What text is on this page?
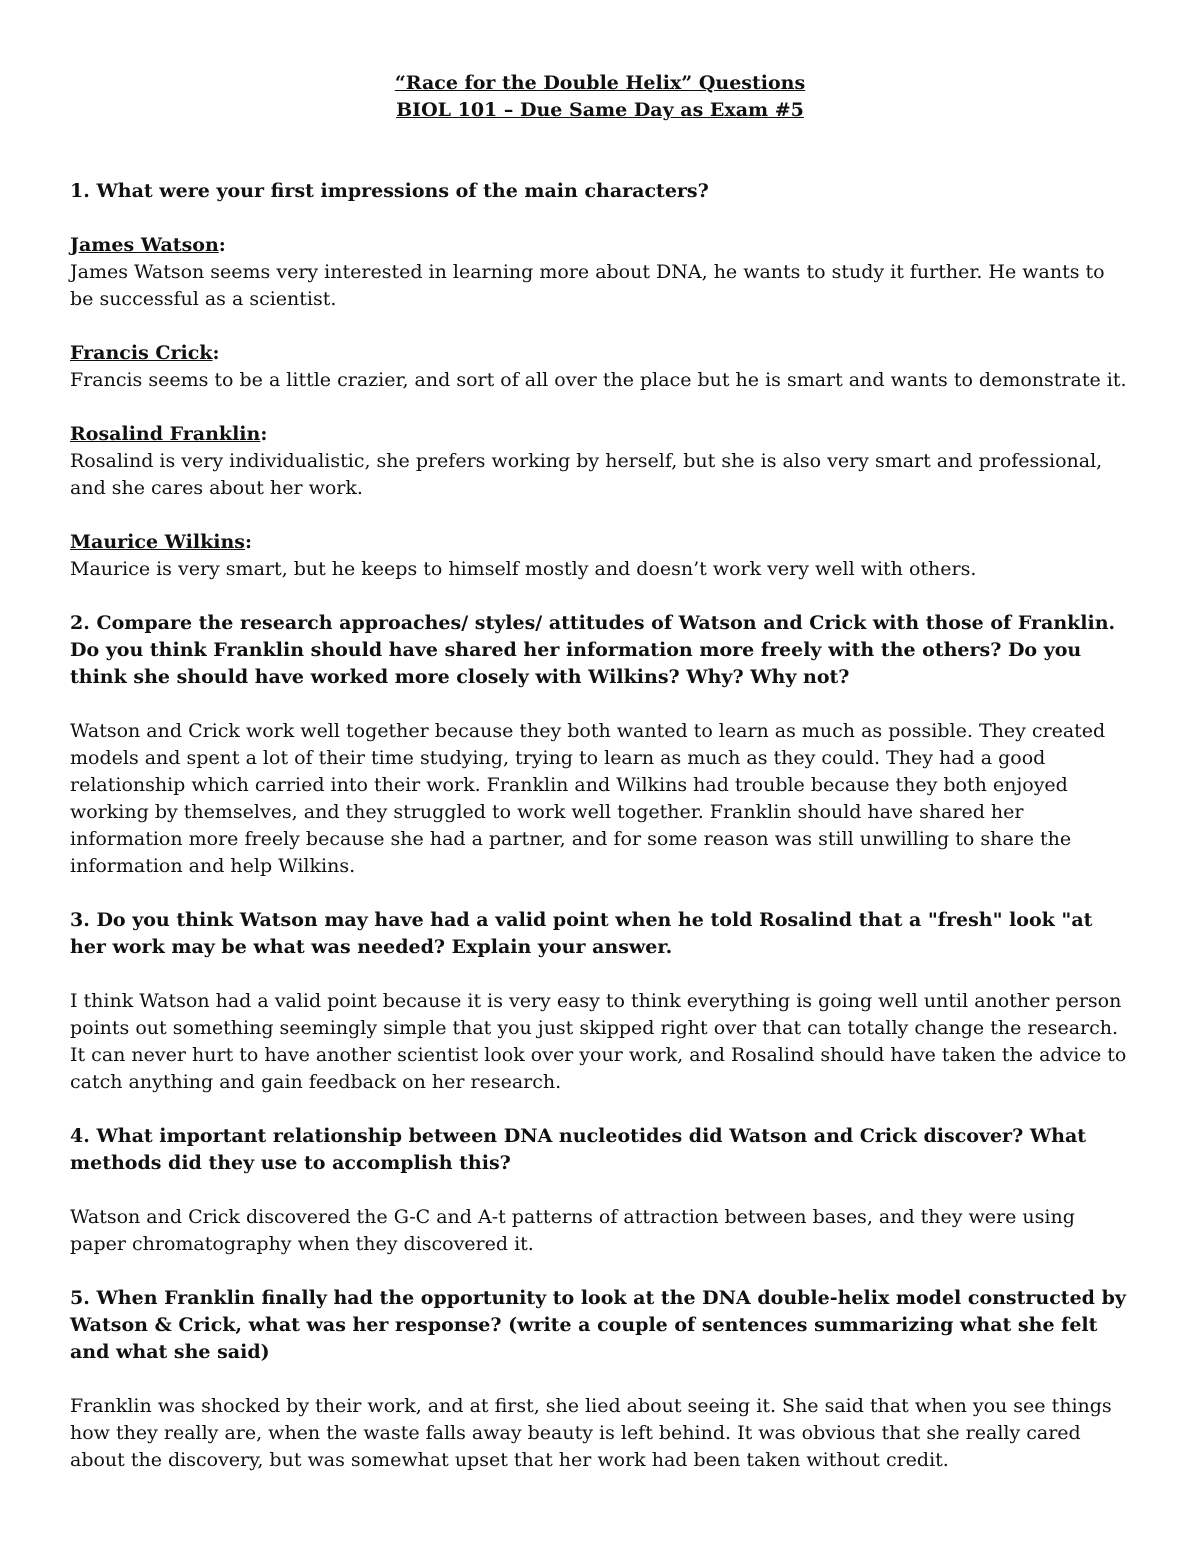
“Race for the Double Helix” Questions

BIOL 101 – Due Same Day as Exam #5

1. What were your first impressions of the main characters?

James Watson:
James Watson seems very interested in learning more about DNA, he wants to study it further. He wants to be successful as a scientist.
Francis Crick:
Francis seems to be a little crazier, and sort of all over the place but he is smart and wants to demonstrate it.
Rosalind Franklin:
Rosalind is very individualistic, she prefers working by herself, but she is also very smart and professional, and she cares about her work.
Maurice Wilkins:
Maurice is very smart, but he keeps to himself mostly and doesn’t work very well with others.

2. Compare the research approaches/ styles/ attitudes of Watson and Crick with those of Franklin. Do you think Franklin should have shared her information more freely with the others? Do you think she should have worked more closely with Wilkins? Why? Why not?

Watson and Crick work well together because they both wanted to learn as much as possible. They created models and spent a lot of their time studying, trying to learn as much as they could. They had a good relationship which carried into their work. Franklin and Wilkins had trouble because they both enjoyed working by themselves, and they struggled to work well together. Franklin should have shared her information more freely because she had a partner, and for some reason was still unwilling to share the information and help Wilkins.

3. Do you think Watson may have had a valid point when he told Rosalind that a "fresh" look "at her work may be what was needed? Explain your answer.

I think Watson had a valid point because it is very easy to think everything is going well until another person points out something seemingly simple that you just skipped right over that can totally change the research. It can never hurt to have another scientist look over your work, and Rosalind should have taken the advice to catch anything and gain feedback on her research.

4. What important relationship between DNA nucleotides did Watson and Crick discover? What methods did they use to accomplish this?

Watson and Crick discovered the G-C and A-t patterns of attraction between bases, and they were using paper chromatography when they discovered it.

5. When Franklin finally had the opportunity to look at the DNA double-helix model constructed by Watson & Crick, what was her response? (write a couple of sentences summarizing what she felt and what she said)

Franklin was shocked by their work, and at first, she lied about seeing it. She said that when you see things how they really are, when the waste falls away beauty is left behind. It was obvious that she really cared about the discovery, but was somewhat upset that her work had been taken without credit.
